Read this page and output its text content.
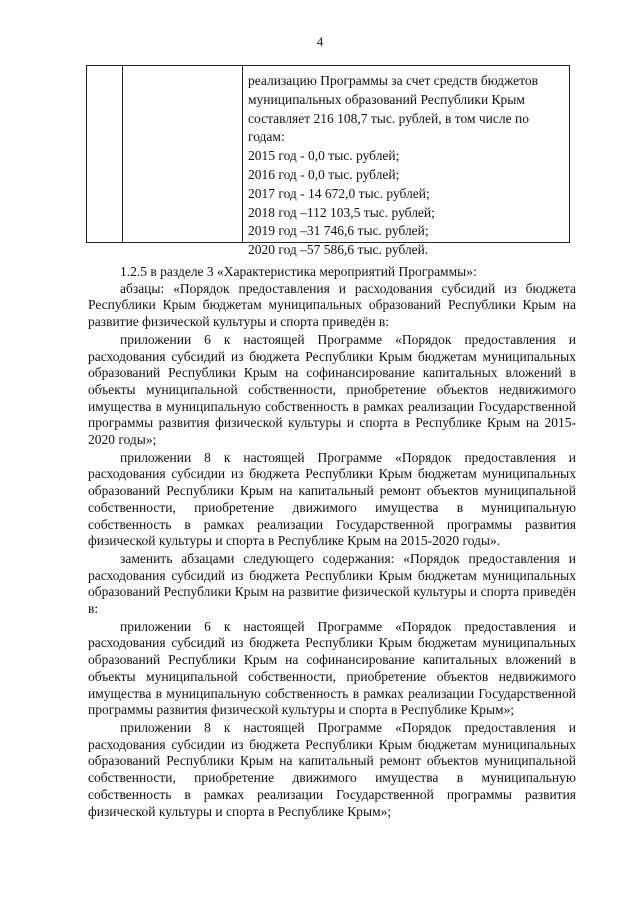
4
реализацию Программы за счет средств бюджетов
муниципальных образований Республики Крым
составляет 216 108,7 тыс. рублей, в том числе по
годам:
2015 год - 0,0 тыс. рублей;
2016 год - 0,0 тыс. рублей;
2017 год - 14 672,0 тыс. рублей;
2018 год –112 103,5 тыс. рублей;
2019 год –31 746,6 тыс. рублей;
2020 год –57 586,6 тыс. рублей.

1.2.5 в разделе 3 «Характеристика мероприятий Программы»:

абзацы: «Порядок предоставления и расходования субсидий из бюджета Республики Крым бюджетам муниципальных образований Республики Крым на развитие физической культуры и спорта приведён в:

приложении 6 к настоящей Программе «Порядок предоставления и расходования субсидий из бюджета Республики Крым бюджетам муниципальных образований Республики Крым на софинансирование капитальных вложений в объекты муниципальной собственности, приобретение объектов недвижимого имущества в муниципальную собственность в рамках реализации Государственной программы развития физической культуры и спорта в Республике Крым на 2015-2020 годы»;

приложении 8 к настоящей Программе «Порядок предоставления и расходования субсидии из бюджета Республики Крым бюджетам муниципальных образований Республики Крым на капитальный ремонт объектов муниципальной собственности, приобретение движимого имущества в муниципальную собственность в рамках реализации Государственной программы развития физической культуры и спорта в Республике Крым на 2015-2020 годы».

заменить абзацами следующего содержания: «Порядок предоставления и расходования субсидий из бюджета Республики Крым бюджетам муниципальных образований Республики Крым на развитие физической культуры и спорта приведён в:

приложении 6 к настоящей Программе «Порядок предоставления и расходования субсидий из бюджета Республики Крым бюджетам муниципальных образований Республики Крым на софинансирование капитальных вложений в объекты муниципальной собственности, приобретение объектов недвижимого имущества в муниципальную собственность в рамках реализации Государственной программы развития физической культуры и спорта в Республике Крым»;

приложении 8 к настоящей Программе «Порядок предоставления и расходования субсидии из бюджета Республики Крым бюджетам муниципальных образований Республики Крым на капитальный ремонт объектов муниципальной собственности, приобретение движимого имущества в муниципальную собственность в рамках реализации Государственной программы развития физической культуры и спорта в Республике Крым»;
